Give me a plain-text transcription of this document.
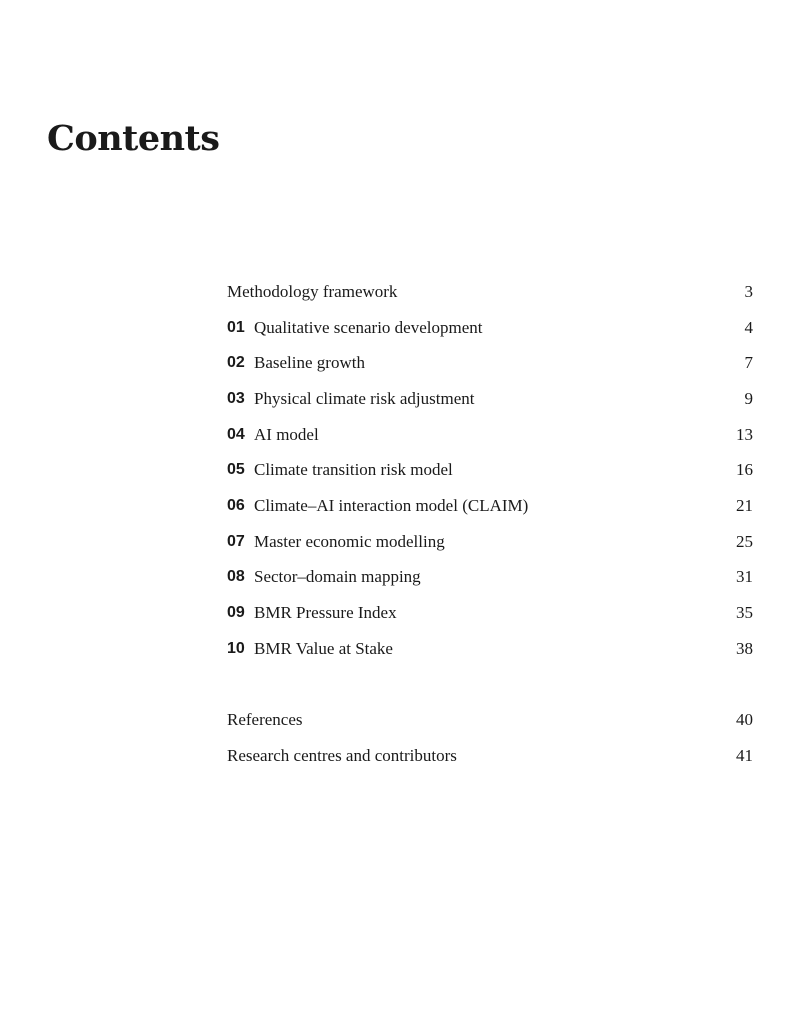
Contents
Methodology framework	3
01 Qualitative scenario development	4
02 Baseline growth	7
03 Physical climate risk adjustment	9
04 AI model	13
05 Climate transition risk model	16
06 Climate–AI interaction model (CLAIM)	21
07 Master economic modelling	25
08 Sector–domain mapping	31
09 BMR Pressure Index	35
10 BMR Value at Stake	38
References	40
Research centres and contributors	41
